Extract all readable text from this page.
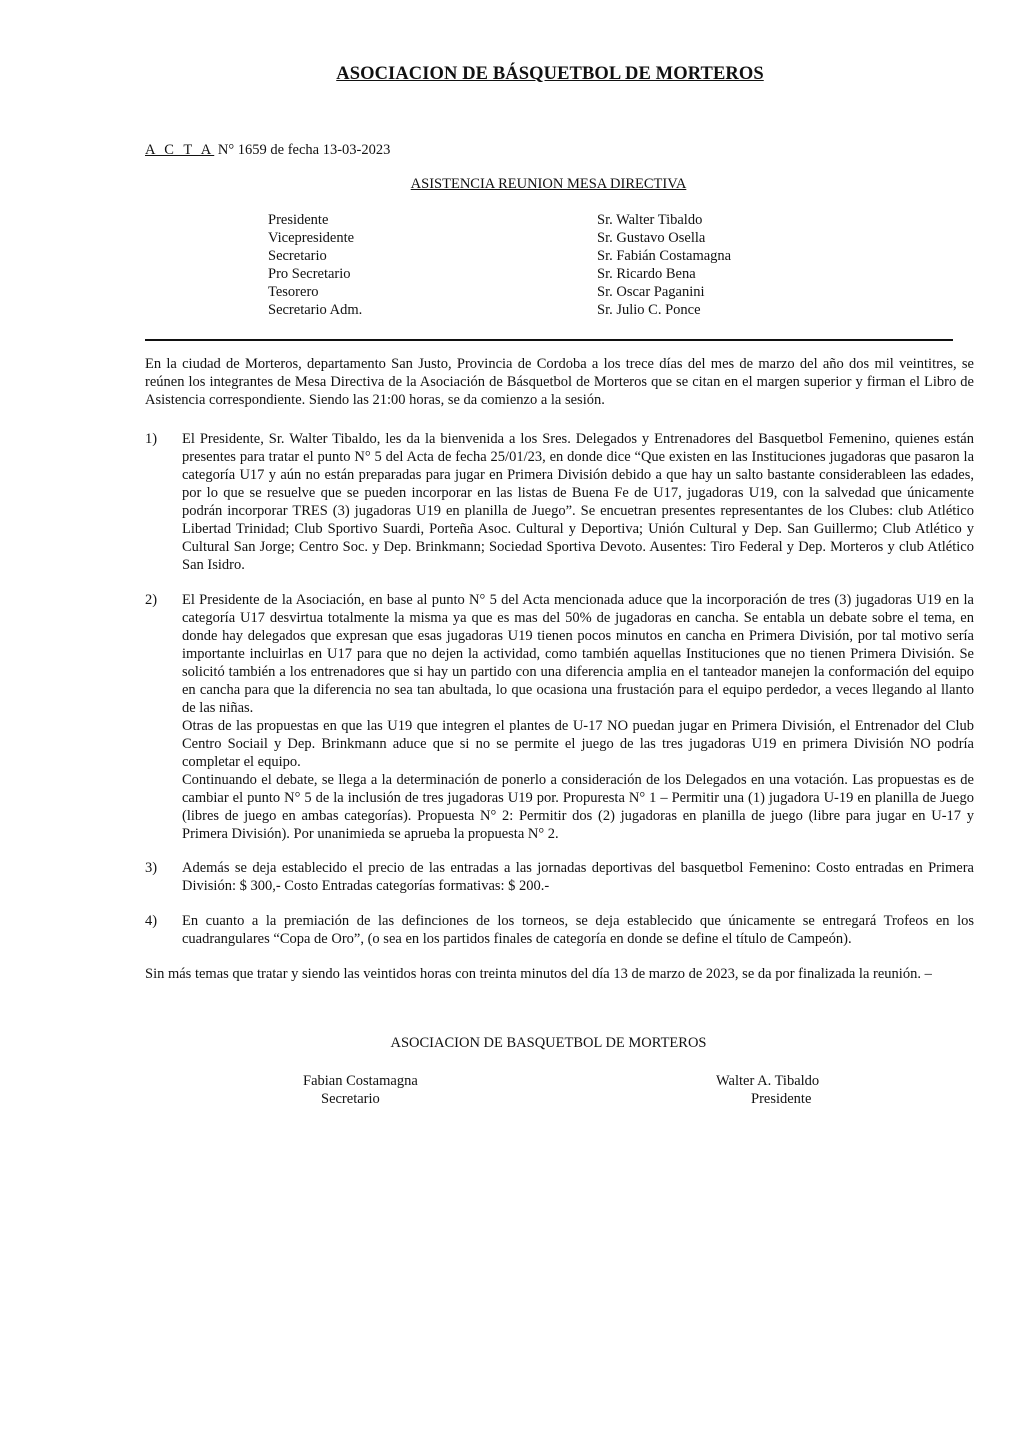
ASOCIACION DE BÁSQUETBOL DE MORTEROS
A C T A N° 1659 de fecha 13-03-2023
ASISTENCIA REUNION MESA DIRECTIVA
Presidente	Sr. Walter Tibaldo
Vicepresidente	Sr. Gustavo Osella
Secretario	Sr. Fabián Costamagna
Pro Secretario	Sr. Ricardo Bena
Tesorero	Sr. Oscar Paganini
Secretario Adm.	Sr. Julio C. Ponce
En la ciudad de Morteros, departamento San Justo, Provincia de Cordoba a los trece días del mes de marzo del año dos mil veintitres, se reúnen los integrantes de Mesa Directiva de la Asociación de Básquetbol de Morteros que se citan en el margen superior y firman el Libro de Asistencia correspondiente. Siendo las 21:00 horas, se da comienzo a la sesión.
1) El Presidente, Sr. Walter Tibaldo, les da la bienvenida a los Sres. Delegados y Entrenadores del Basquetbol Femenino, quienes están presentes para tratar el punto N° 5 del Acta de fecha 25/01/23, en donde dice “Que existen en las Instituciones jugadoras que pasaron la categoría U17 y aún no están preparadas para jugar en Primera División debido a que hay un salto bastante considerableen las edades, por lo que se resuelve que se pueden incorporar en las listas de Buena Fe de U17, jugadoras U19, con la salvedad que únicamente podrán incorporar TRES (3) jugadoras U19 en planilla de Juego”. Se encuetran presentes representantes de los Clubes: club Atlético Libertad Trinidad; Club Sportivo Suardi, Porteña Asoc. Cultural y Deportiva; Unión Cultural y Dep. San Guillermo; Club Atlético y Cultural San Jorge; Centro Soc. y Dep. Brinkmann; Sociedad Sportiva Devoto. Ausentes: Tiro Federal y Dep. Morteros y club Atlético San Isidro.
2) El Presidente de la Asociación, en base al punto N° 5 del Acta mencionada aduce que la incorporación de tres (3) jugadoras U19 en la categoría U17 desvirtua totalmente la misma ya que es mas del 50% de jugadoras en cancha. Se entabla un debate sobre el tema, en donde hay delegados que expresan que esas jugadoras U19 tienen pocos minutos en cancha en Primera División, por tal motivo sería importante incluirlas en U17 para que no dejen la actividad, como también aquellas Instituciones que no tienen Primera División. Se solicitó también a los entrenadores que si hay un partido con una diferencia amplia en el tanteador manejen la conformación del equipo en cancha para que la diferencia no sea tan abultada, lo que ocasiona una frustación para el equipo perdedor, a veces llegando al llanto de las niñas.
Otras de las propuestas en que las U19 que integren el plantes de U-17 NO puedan jugar en Primera División, el Entrenador del Club Centro Sociail y Dep. Brinkmann aduce que si no se permite el juego de las tres jugadoras U19 en primera División NO podría completar el equipo.
Continuando el debate, se llega a la determinación de ponerlo a consideración de los Delegados en una votación. Las propuestas es de cambiar el punto N° 5 de la inclusión de tres jugadoras U19 por. Propuresta N° 1 – Permitir una (1) jugadora U-19 en planilla de Juego (libres de juego en ambas categorías). Propuesta N° 2: Permitir dos (2) jugadoras en planilla de juego (libre para jugar en U-17 y Primera División). Por unanimieda se aprueba la propuesta N° 2.
3) Además se deja establecido el precio de las entradas a las jornadas deportivas del basquetbol Femenino: Costo entradas en Primera División: $ 300,- Costo Entradas categorías formativas: $ 200.-
4) En cuanto a la premiación de las definciones de los torneos, se deja establecido que únicamente se entregará Trofeos en los cuadrangulares “Copa de Oro”, (o sea en los partidos finales de categoría en donde se define el título de Campeón).
Sin más temas que tratar y siendo las veintidos horas con treinta minutos del día 13 de marzo de 2023, se da por finalizada la reunión. –
ASOCIACION DE BASQUETBOL DE MORTEROS
Fabian Costamagna
Secretario
Walter A. Tibaldo
Presidente
